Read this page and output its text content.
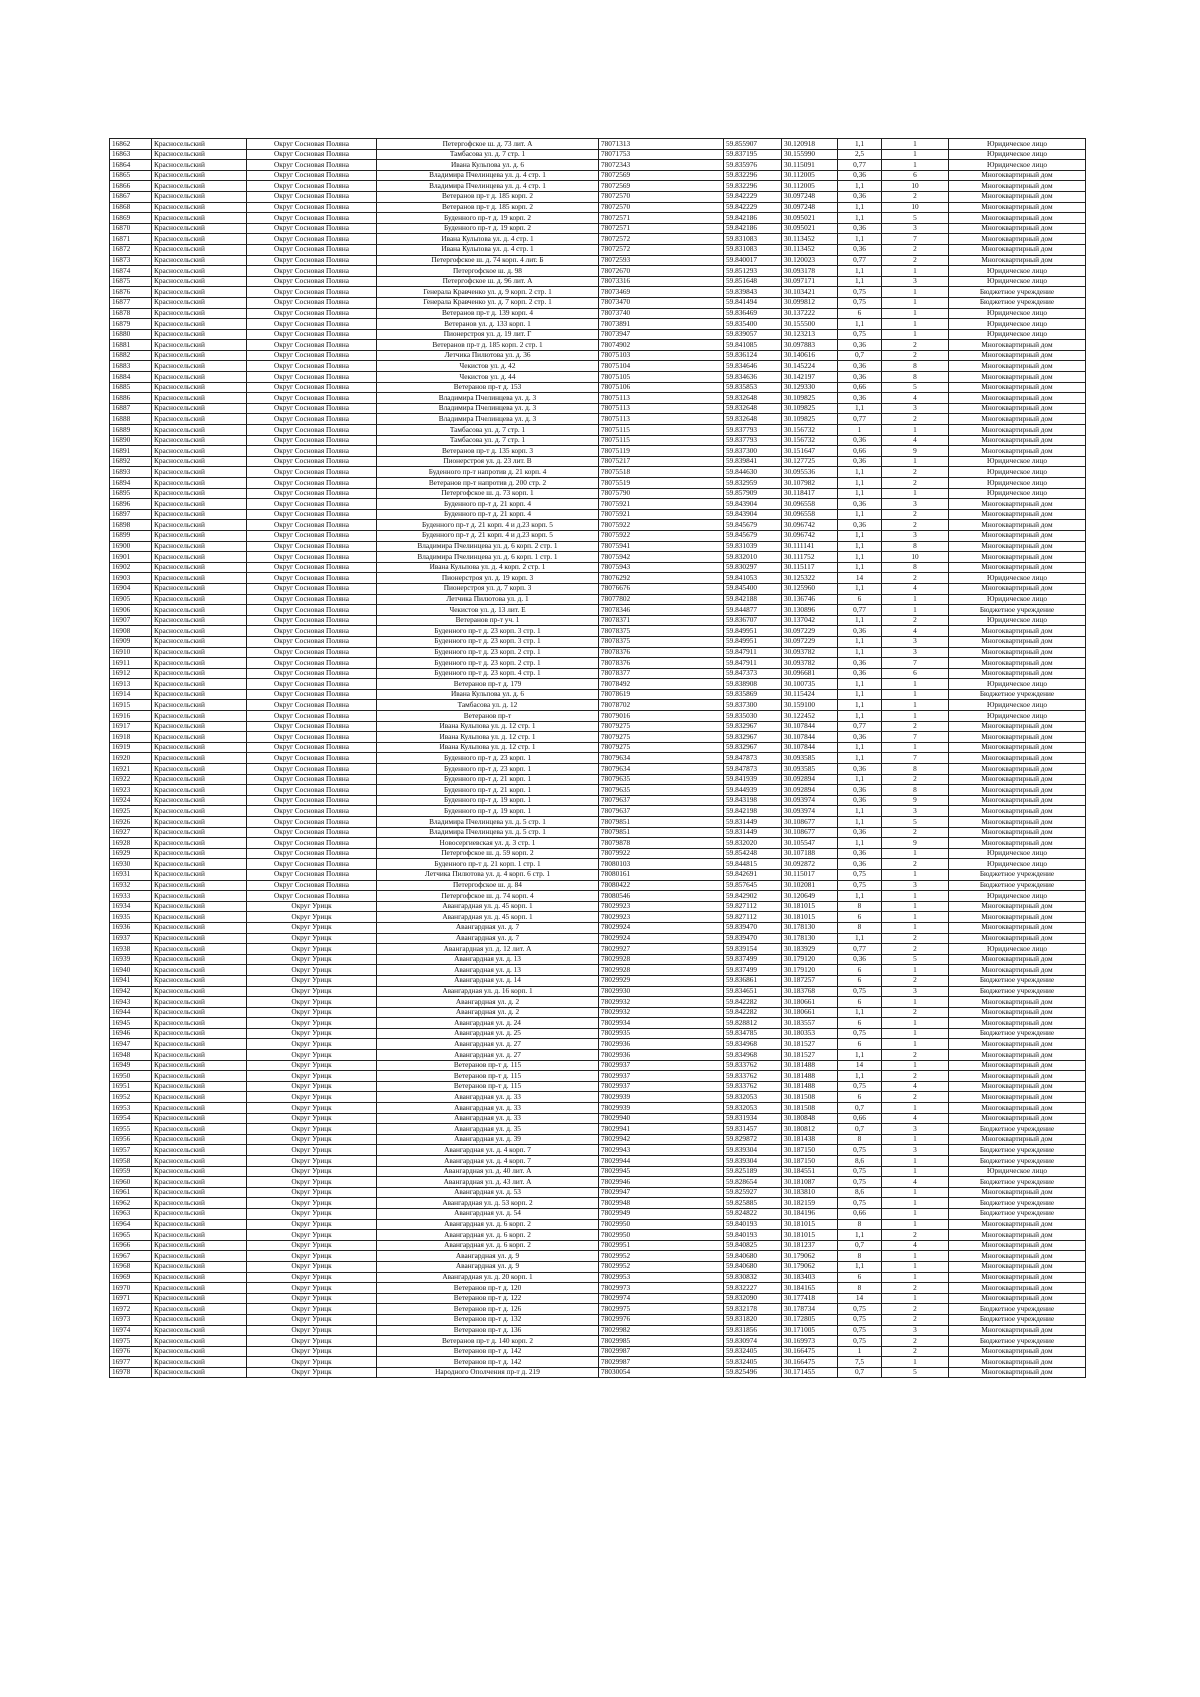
16862	Красносельский	Округ Сосновая Поляна	Петергофское ш. д. 73 лит. А	78071313	59.855907	30.120918	1,1	1	Юридическое лицо
16863	Красносельский	Округ Сосновая Поляна	Тамбасова ул. д. 7 стр. 1	78071753	59.837195	30.155990	2,5	1	Юридическое лицо
16864	Красносельский	Округ Сосновая Поляна	Ивана Кульпова ул. д. 6	78072343	59.835976	30.115091	0,77	1	Юридическое лицо
16865	Красносельский	Округ Сосновая Поляна	Владимира Пчелинцева ул. д. 4 стр. 1	78072569	59.832296	30.112005	0,36	6	Многоквартирный дом
16866	Красносельский	Округ Сосновая Поляна	Владимира Пчелинцева ул. д. 4 стр. 1	78072569	59.832296	30.112005	1,1	10	Многоквартирный дом
16867	Красносельский	Округ Сосновая Поляна	Ветеранов пр-т д. 185 корп. 2	78072570	59.842229	30.097248	0,36	2	Многоквартирный дом
16868	Красносельский	Округ Сосновая Поляна	Ветеранов пр-т д. 185 корп. 2	78072570	59.842229	30.097248	1,1	10	Многоквартирный дом
16869	Красносельский	Округ Сосновая Поляна	Буденного пр-т д. 19 корп. 2	78072571	59.842186	30.095021	1,1	5	Многоквартирный дом
16870	Красносельский	Округ Сосновая Поляна	Буденного пр-т д. 19 корп. 2	78072571	59.842186	30.095021	0,36	3	Многоквартирный дом
16871	Красносельский	Округ Сосновая Поляна	Ивана Кульпова ул. д. 4 стр. 1	78072572	59.831083	30.113452	1,1	7	Многоквартирный дом
16872	Красносельский	Округ Сосновая Поляна	Ивана Кульпова ул. д. 4 стр. 1	78072572	59.831083	30.113452	0,36	2	Многоквартирный дом
16873	Красносельский	Округ Сосновая Поляна	Петергофское ш. д. 74 корп. 4 лит. Б	78072593	59.840017	30.120023	0,77	2	Многоквартирный дом
16874	Красносельский	Округ Сосновая Поляна	Петергофское ш. д. 98	78072670	59.851293	30.093178	1,1	1	Юридическое лицо
16875	Красносельский	Округ Сосновая Поляна	Петергофское ш. д. 96 лит. А	78073316	59.851648	30.097171	1,1	3	Юридическое лицо
16876	Красносельский	Округ Сосновая Поляна	Генерала Кравченко ул. д. 9 корп. 2 стр. 1	78073469	59.839843	30.103421	0,75	1	Бюджетное учреждение
16877	Красносельский	Округ Сосновая Поляна	Генерала Кравченко ул. д. 7 корп. 2 стр. 1	78073470	59.841494	30.099812	0,75	1	Бюджетное учреждение
16878	Красносельский	Округ Сосновая Поляна	Ветеранов пр-т д. 139 корп. 4	78073740	59.836469	30.137222	6	1	Юридическое лицо
16879	Красносельский	Округ Сосновая Поляна	Ветеранов ул. д. 133 корп. 1	78073891	59.835400	30.155500	1,1	1	Юридическое лицо
16880	Красносельский	Округ Сосновая Поляна	Пионерстроя ул. д. 19 лит. Г	78073947	59.839057	30.123213	0,75	1	Юридическое лицо
16881	Красносельский	Округ Сосновая Поляна	Ветеранов пр-т д. 185 корп. 2 стр. 1	78074902	59.841085	30.097883	0,36	2	Многоквартирный дом
16882	Красносельский	Округ Сосновая Поляна	Летчика Пилютова ул. д. 36	78075103	59.836124	30.140616	0,7	2	Многоквартирный дом
16883	Красносельский	Округ Сосновая Поляна	Чекистов ул. д. 42	78075104	59.834646	30.145224	0,36	8	Многоквартирный дом
16884	Красносельский	Округ Сосновая Поляна	Чекистов ул. д. 44	78075105	59.834636	30.142197	0,36	8	Многоквартирный дом
16885	Красносельский	Округ Сосновая Поляна	Ветеранов пр-т д. 153	78075106	59.835853	30.129330	0,66	5	Многоквартирный дом
16886	Красносельский	Округ Сосновая Поляна	Владимира Пчелинцева ул. д. 3	78075113	59.832648	30.109825	0,36	4	Многоквартирный дом
16887	Красносельский	Округ Сосновая Поляна	Владимира Пчелинцева ул. д. 3	78075113	59.832648	30.109825	1,1	3	Многоквартирный дом
16888	Красносельский	Округ Сосновая Поляна	Владимира Пчелинцева ул. д. 3	78075113	59.832648	30.109825	0,77	2	Многоквартирный дом
16889	Красносельский	Округ Сосновая Поляна	Тамбасова ул. д. 7 стр. 1	78075115	59.837793	30.156732	1	1	Многоквартирный дом
16890	Красносельский	Округ Сосновая Поляна	Тамбасова ул. д. 7 стр. 1	78075115	59.837793	30.156732	0,36	4	Многоквартирный дом
16891	Красносельский	Округ Сосновая Поляна	Ветеранов пр-т д. 135 корп. 3	78075119	59.837300	30.151647	0,66	9	Многоквартирный дом
16892	Красносельский	Округ Сосновая Поляна	Пионерстроя ул. д. 23 лит. В	78075217	59.839841	30.127725	0,36	1	Юридическое лицо
16893	Красносельский	Округ Сосновая Поляна	Буденного пр-т напротив д. 21 корп. 4	78075518	59.844630	30.095536	1,1	2	Юридическое лицо
16894	Красносельский	Округ Сосновая Поляна	Ветеранов пр-т напротив д. 200 стр. 2	78075519	59.832959	30.107982	1,1	2	Юридическое лицо
16895	Красносельский	Округ Сосновая Поляна	Петергофское ш. д. 73 корп. 1	78075790	59.857909	30.118417	1,1	1	Юридическое лицо
16896	Красносельский	Округ Сосновая Поляна	Буденного пр-т д. 21 корп. 4	78075921	59.843904	30.096558	0,36	3	Многоквартирный дом
16897	Красносельский	Округ Сосновая Поляна	Буденного пр-т д. 21 корп. 4	78075921	59.843904	30.096558	1,1	2	Многоквартирный дом
16898	Красносельский	Округ Сосновая Поляна	Буденного пр-т д. 21 корп. 4 и д.23 корп. 5	78075922	59.845679	30.096742	0,36	2	Многоквартирный дом
16899	Красносельский	Округ Сосновая Поляна	Буденного пр-т д. 21 корп. 4 и д.23 корп. 5	78075922	59.845679	30.096742	1,1	3	Многоквартирный дом
16900	Красносельский	Округ Сосновая Поляна	Владимира Пчелинцева ул. д. 6 корп. 2 стр. 1	78075941	59.831039	30.111141	1,1	8	Многоквартирный дом
16901	Красносельский	Округ Сосновая Поляна	Владимира Пчелинцева ул. д. 6 корп. 1 стр. 1	78075942	59.832010	30.111752	1,1	10	Многоквартирный дом
16902	Красносельский	Округ Сосновая Поляна	Ивана Кульпова ул. д. 4 корп. 2 стр. 1	78075943	59.830297	30.115117	1,1	8	Многоквартирный дом
16903	Красносельский	Округ Сосновая Поляна	Пионерстроя ул. д. 19 корп. 3	78076292	59.841053	30.125322	14	2	Юридическое лицо
16904	Красносельский	Округ Сосновая Поляна	Пионерстроя ул. д. 7 корп. 3	78076676	59.845400	30.125960	1,1	4	Многоквартирный дом
16905	Красносельский	Округ Сосновая Поляна	Летчика Пилютова ул. д. 1	78077802	59.842188	30.136746	6	1	Юридическое лицо
16906	Красносельский	Округ Сосновая Поляна	Чекистов ул. д. 13 лит. Е	78078346	59.844877	30.130896	0,77	1	Бюджетное учреждение
16907	Красносельский	Округ Сосновая Поляна	Ветеранов пр-т уч. 1	78078371	59.836707	30.137042	1,1	2	Юридическое лицо
16908	Красносельский	Округ Сосновая Поляна	Буденного пр-т д. 23 корп. 3 стр. 1	78078375	59.849951	30.097229	0,36	4	Многоквартирный дом
16909	Красносельский	Округ Сосновая Поляна	Буденного пр-т д. 23 корп. 3 стр. 1	78078375	59.849951	30.097229	1,1	3	Многоквартирный дом
16910	Красносельский	Округ Сосновая Поляна	Буденного пр-т д. 23 корп. 2 стр. 1	78078376	59.847911	30.093782	1,1	3	Многоквартирный дом
16911	Красносельский	Округ Сосновая Поляна	Буденного пр-т д. 23 корп. 2 стр. 1	78078376	59.847911	30.093782	0,36	7	Многоквартирный дом
16912	Красносельский	Округ Сосновая Поляна	Буденного пр-т д. 23 корп. 4 стр. 1	78078377	59.847373	30.096681	0,36	6	Многоквартирный дом
16913	Красносельский	Округ Сосновая Поляна	Ветеранов пр-т д. 179	78078492	59.838908	30.100735	1,1	1	Юридическое лицо
16914	Красносельский	Округ Сосновая Поляна	Ивана Кульпова ул. д. 6	78078619	59.835869	30.115424	1,1	1	Бюджетное учреждение
16915	Красносельский	Округ Сосновая Поляна	Тамбасова ул. д. 12	78078702	59.837300	30.159100	1,1	1	Юридическое лицо
16916	Красносельский	Округ Сосновая Поляна	Ветеранов пр-т	78079016	59.835030	30.122452	1,1	1	Юридическое лицо
16917	Красносельский	Округ Сосновая Поляна	Ивана Кульпова ул. д. 12 стр. 1	78079275	59.832967	30.107844	0,77	2	Многоквартирный дом
16918	Красносельский	Округ Сосновая Поляна	Ивана Кульпова ул. д. 12 стр. 1	78079275	59.832967	30.107844	0,36	7	Многоквартирный дом
16919	Красносельский	Округ Сосновая Поляна	Ивана Кульпова ул. д. 12 стр. 1	78079275	59.832967	30.107844	1,1	1	Многоквартирный дом
16920	Красносельский	Округ Сосновая Поляна	Буденного пр-т д. 23 корп. 1	78079634	59.847873	30.093585	1,1	7	Многоквартирный дом
16921	Красносельский	Округ Сосновая Поляна	Буденного пр-т д. 23 корп. 1	78079634	59.847873	30.093585	0,36	8	Многоквартирный дом
16922	Красносельский	Округ Сосновая Поляна	Буденного пр-т д. 21 корп. 1	78079635	59.841939	30.092894	1,1	2	Многоквартирный дом
16923	Красносельский	Округ Сосновая Поляна	Буденного пр-т д. 21 корп. 1	78079635	59.844939	30.092894	0,36	8	Многоквартирный дом
16924	Красносельский	Округ Сосновая Поляна	Буденного пр-т д. 19 корп. 1	78079637	59.843198	30.093974	0,36	9	Многоквартирный дом
16925	Красносельский	Округ Сосновая Поляна	Буденного пр-т д. 19 корп. 1	78079637	59.842198	30.093974	1,1	3	Многоквартирный дом
16926	Красносельский	Округ Сосновая Поляна	Владимира Пчелинцева ул. д. 5 стр. 1	78079851	59.831449	30.108677	1,1	5	Многоквартирный дом
16927	Красносельский	Округ Сосновая Поляна	Владимира Пчелинцева ул. д. 5 стр. 1	78079851	59.831449	30.108677	0,36	2	Многоквартирный дом
16928	Красносельский	Округ Сосновая Поляна	Новосергиевская ул. д. 3 стр. 1	78079878	59.832020	30.105547	1,1	9	Многоквартирный дом
16929	Красносельский	Округ Сосновая Поляна	Петергофское ш. д. 59 корп. 2	78079922	59.854248	30.107188	0,36	1	Юридическое лицо
16930	Красносельский	Округ Сосновая Поляна	Буденного пр-т д. 21 корп. 1 стр. 1	78080103	59.844815	30.092872	0,36	2	Юридическое лицо
16931	Красносельский	Округ Сосновая Поляна	Летчика Пилютова ул. д. 4 корп. 6 стр. 1	78080161	59.842691	30.115017	0,75	1	Бюджетное учреждение
16932	Красносельский	Округ Сосновая Поляна	Петергофское ш. д. 84	78080422	59.857645	30.102081	0,75	3	Бюджетное учреждение
16933	Красносельский	Округ Сосновая Поляна	Петергофское ш. д. 74 корп. 4	78080546	59.842902	30.120649	1,1	1	Юридическое лицо
16934	Красносельский	Округ Урицк	Авангардная ул. д. 45 корп. 1	78029923	59.827112	30.181015	8	1	Многоквартирный дом
16935	Красносельский	Округ Урицк	Авангардная ул. д. 45 корп. 1	78029923	59.827112	30.181015	6	1	Многоквартирный дом
16936	Красносельский	Округ Урицк	Авангардная ул. д. 7	78029924	59.839470	30.178130	8	1	Многоквартирный дом
16937	Красносельский	Округ Урицк	Авангардная ул. д. 7	78029924	59.839470	30.178130	1,1	2	Многоквартирный дом
16938	Красносельский	Округ Урицк	Авангардная ул. д. 12 лит. А	78029927	59.839154	30.183929	0,77	2	Юридическое лицо
16939	Красносельский	Округ Урицк	Авангардная ул. д. 13	78029928	59.837499	30.179120	0,36	5	Многоквартирный дом
16940	Красносельский	Округ Урицк	Авангардная ул. д. 13	78029928	59.837499	30.179120	6	1	Многоквартирный дом
16941	Красносельский	Округ Урицк	Авангардная ул. д. 14	78029929	59.836861	30.187257	6	2	Бюджетное учреждение
16942	Красносельский	Округ Урицк	Авангардная ул. д. 16 корп. 1	78029930	59.834651	30.183768	0,75	3	Бюджетное учреждение
16943	Красносельский	Округ Урицк	Авангардная ул. д. 2	78029932	59.842282	30.180661	6	1	Многоквартирный дом
16944	Красносельский	Округ Урицк	Авангардная ул. д. 2	78029932	59.842282	30.180661	1,1	2	Многоквартирный дом
16945	Красносельский	Округ Урицк	Авангардная ул. д. 24	78029934	59.828812	30.183557	6	1	Многоквартирный дом
16946	Красносельский	Округ Урицк	Авангардная ул. д. 25	78029935	59.834785	30.180353	0,75	1	Бюджетное учреждение
16947	Красносельский	Округ Урицк	Авангардная ул. д. 27	78029936	59.834968	30.181527	6	1	Многоквартирный дом
16948	Красносельский	Округ Урицк	Авангардная ул. д. 27	78029936	59.834968	30.181527	1,1	2	Многоквартирный дом
16949	Красносельский	Округ Урицк	Ветеранов пр-т д. 115	78029937	59.833762	30.181488	14	1	Многоквартирный дом
16950	Красносельский	Округ Урицк	Ветеранов пр-т д. 115	78029937	59.833762	30.181488	1,1	2	Многоквартирный дом
16951	Красносельский	Округ Урицк	Ветеранов пр-т д. 115	78029937	59.833762	30.181488	0,75	4	Многоквартирный дом
16952	Красносельский	Округ Урицк	Авангардная ул. д. 33	78029939	59.832053	30.181508	6	2	Многоквартирный дом
16953	Красносельский	Округ Урицк	Авангардная ул. д. 33	78029939	59.832053	30.181508	0,7	1	Многоквартирный дом
16954	Красносельский	Округ Урицк	Авангардная ул. д. 33	78029940	59.831934	30.180848	0,66	4	Многоквартирный дом
16955	Красносельский	Округ Урицк	Авангардная ул. д. 35	78029941	59.831457	30.180812	0,7	3	Бюджетное учреждение
16956	Красносельский	Округ Урицк	Авангардная ул. д. 39	78029942	59.829872	30.181438	8	1	Многоквартирный дом
16957	Красносельский	Округ Урицк	Авангардная ул. д. 4 корп. 7	78029943	59.839304	30.187150	0,75	3	Бюджетное учреждение
16958	Красносельский	Округ Урицк	Авангардная ул. д. 4 корп. 7	78029944	59.839304	30.187150	8,6	1	Бюджетное учреждение
16959	Красносельский	Округ Урицк	Авангардная ул. д. 40 лит. А	78029945	59.825189	30.184551	0,75	1	Юридическое лицо
16960	Красносельский	Округ Урицк	Авангардная ул. д. 43 лит. А	78029946	59.828654	30.181087	0,75	4	Бюджетное учреждение
16961	Красносельский	Округ Урицк	Авангардная ул. д. 53	78029947	59.825927	30.183810	8,6	1	Многоквартирный дом
16962	Красносельский	Округ Урицк	Авангардная ул. д. 53 корп. 2	78029948	59.825885	30.182159	0,75	1	Бюджетное учреждение
16963	Красносельский	Округ Урицк	Авангардная ул. д. 54	78029949	59.824822	30.184196	0,66	1	Бюджетное учреждение
16964	Красносельский	Округ Урицк	Авангардная ул. д. 6 корп. 2	78029950	59.840193	30.181015	8	1	Многоквартирный дом
16965	Красносельский	Округ Урицк	Авангардная ул. д. 6 корп. 2	78029950	59.840193	30.181015	1,1	2	Многоквартирный дом
16966	Красносельский	Округ Урицк	Авангардная ул. д. 6 корп. 2	78029951	59.840825	30.181237	0,7	4	Многоквартирный дом
16967	Красносельский	Округ Урицк	Авангардная ул. д. 9	78029952	59.840680	30.179062	8	1	Многоквартирный дом
16968	Красносельский	Округ Урицк	Авангардная ул. д. 9	78029952	59.840680	30.179062	1,1	1	Многоквартирный дом
16969	Красносельский	Округ Урицк	Авангардная ул. д. 20 корп. 1	78029953	59.830832	30.183403	6	1	Многоквартирный дом
16970	Красносельский	Округ Урицк	Ветеранов пр-т д. 120	78029973	59.832227	30.184165	8	2	Многоквартирный дом
16971	Красносельский	Округ Урицк	Ветеранов пр-т д. 122	78029974	59.832090	30.177418	14	1	Многоквартирный дом
16972	Красносельский	Округ Урицк	Ветеранов пр-т д. 126	78029975	59.832178	30.178734	0,75	2	Бюджетное учреждение
16973	Красносельский	Округ Урицк	Ветеранов пр-т д. 132	78029976	59.831820	30.172805	0,75	2	Бюджетное учреждение
16974	Красносельский	Округ Урицк	Ветеранов пр-т д. 136	78029982	59.831856	30.171005	0,75	3	Многоквартирный дом
16975	Красносельский	Округ Урицк	Ветеранов пр-т д. 140 корп. 2	78029985	59.830974	30.169973	0,75	2	Бюджетное учреждение
16976	Красносельский	Округ Урицк	Ветеранов пр-т д. 142	78029987	59.832405	30.166475	1	2	Многоквартирный дом
16977	Красносельский	Округ Урицк	Ветеранов пр-т д. 142	78029987	59.832405	30.166475	7,5	1	Многоквартирный дом
16978	Красносельский	Округ Урицк	Народного Ополчения пр-т д. 219	78030054	59.825496	30.171455	0,7	5	Многоквартирный дом
